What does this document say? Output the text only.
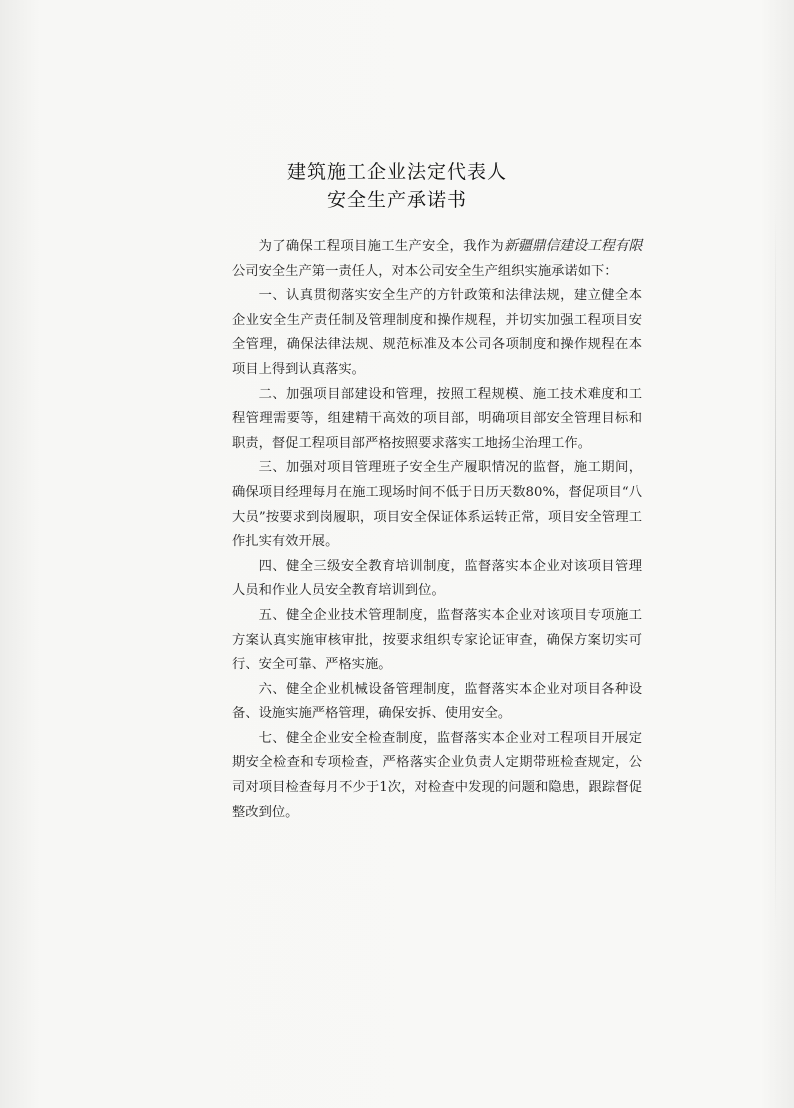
建筑施工企业法定代表人
安全生产承诺书

为了确保工程项目施工生产安全，我作为新疆鼎信建设工程有限公司安全生产第一责任人，对本公司安全生产组织实施承诺如下：

一、认真贯彻落实安全生产的方针政策和法律法规，建立健全本企业安全生产责任制及管理制度和操作规程，并切实加强工程项目安全管理，确保法律法规、规范标准及本公司各项制度和操作规程在本项目上得到认真落实。

二、加强项目部建设和管理，按照工程规模、施工技术难度和工程管理需要等，组建精干高效的项目部，明确项目部安全管理目标和职责，督促工程项目部严格按照要求落实工地扬尘治理工作。

三、加强对项目管理班子安全生产履职情况的监督，施工期间，确保项目经理每月在施工现场时间不低于日历天数80%，督促项目“八大员”按要求到岗履职，项目安全保证体系运转正常，项目安全管理工作扎实有效开展。

四、健全三级安全教育培训制度，监督落实本企业对该项目管理人员和作业人员安全教育培训到位。

五、健全企业技术管理制度，监督落实本企业对该项目专项施工方案认真实施审核审批，按要求组织专家论证审查，确保方案切实可行、安全可靠、严格实施。

六、健全企业机械设备管理制度，监督落实本企业对项目各种设备、设施实施严格管理，确保安拆、使用安全。

七、健全企业安全检查制度，监督落实本企业对工程项目开展定期安全检查和专项检查，严格落实企业负责人定期带班检查规定，公司对项目检查每月不少于1次，对检查中发现的问题和隐患，跟踪督促整改到位。
